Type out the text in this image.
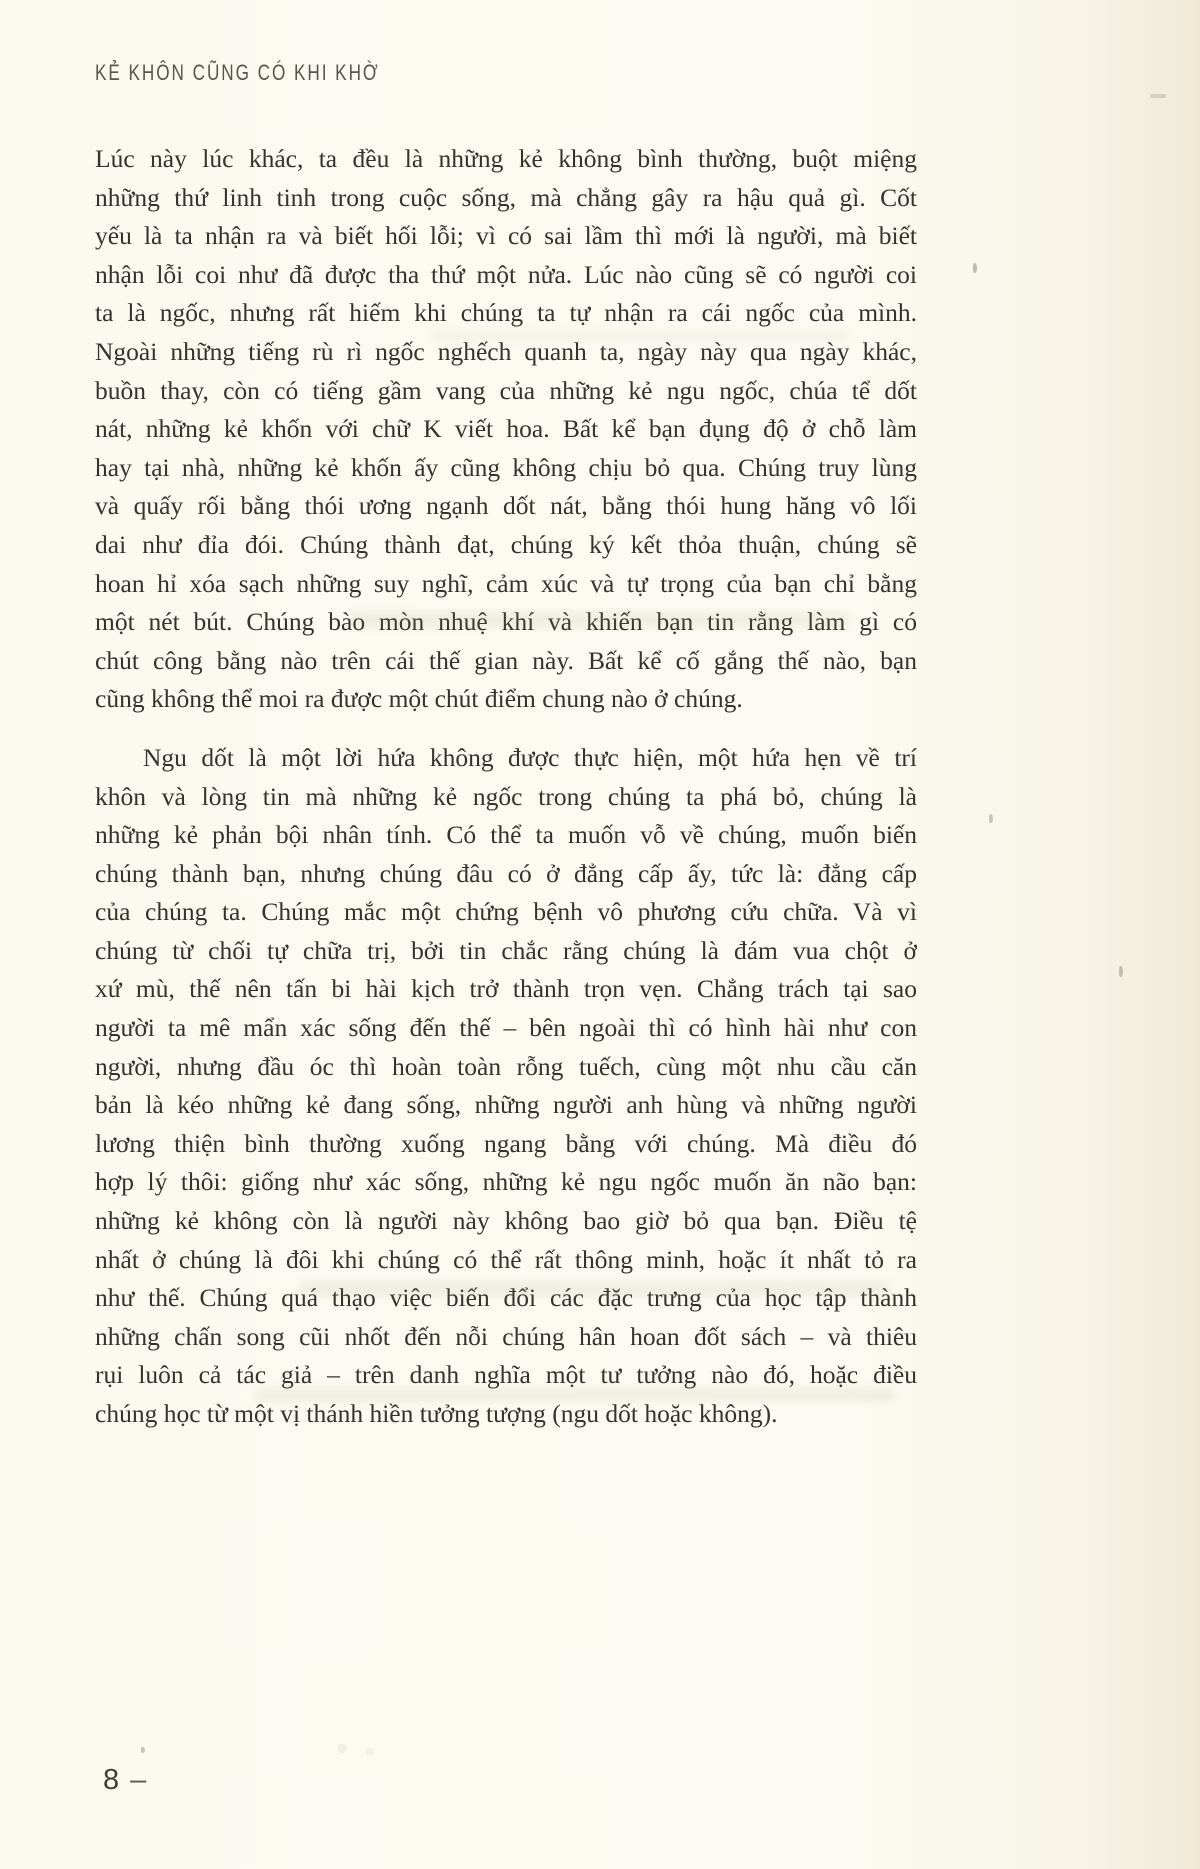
KẺ KHÔN CŨNG CÓ KHI KHỜ
Lúc này lúc khác, ta đều là những kẻ không bình thường, buột miệng
những thứ linh tinh trong cuộc sống, mà chẳng gây ra hậu quả gì. Cốt
yếu là ta nhận ra và biết hối lỗi; vì có sai lầm thì mới là người, mà biết
nhận lỗi coi như đã được tha thứ một nửa. Lúc nào cũng sẽ có người coi
ta là ngốc, nhưng rất hiếm khi chúng ta tự nhận ra cái ngốc của mình.
Ngoài những tiếng rù rì ngốc nghếch quanh ta, ngày này qua ngày khác,
buồn thay, còn có tiếng gầm vang của những kẻ ngu ngốc, chúa tể dốt
nát, những kẻ khốn với chữ K viết hoa. Bất kể bạn đụng độ ở chỗ làm
hay tại nhà, những kẻ khốn ấy cũng không chịu bỏ qua. Chúng truy lùng
và quấy rối bằng thói ương ngạnh dốt nát, bằng thói hung hăng vô lối
dai như đỉa đói. Chúng thành đạt, chúng ký kết thỏa thuận, chúng sẽ
hoan hỉ xóa sạch những suy nghĩ, cảm xúc và tự trọng của bạn chỉ bằng
một nét bút. Chúng bào mòn nhuệ khí và khiến bạn tin rằng làm gì có
chút công bằng nào trên cái thế gian này. Bất kể cố gắng thế nào, bạn
cũng không thể moi ra được một chút điểm chung nào ở chúng.
Ngu dốt là một lời hứa không được thực hiện, một hứa hẹn về trí
khôn và lòng tin mà những kẻ ngốc trong chúng ta phá bỏ, chúng là
những kẻ phản bội nhân tính. Có thể ta muốn vỗ về chúng, muốn biến
chúng thành bạn, nhưng chúng đâu có ở đẳng cấp ấy, tức là: đẳng cấp
của chúng ta. Chúng mắc một chứng bệnh vô phương cứu chữa. Và vì
chúng từ chối tự chữa trị, bởi tin chắc rằng chúng là đám vua chột ở
xứ mù, thế nên tấn bi hài kịch trở thành trọn vẹn. Chẳng trách tại sao
người ta mê mẩn xác sống đến thế – bên ngoài thì có hình hài như con
người, nhưng đầu óc thì hoàn toàn rỗng tuếch, cùng một nhu cầu căn
bản là kéo những kẻ đang sống, những người anh hùng và những người
lương thiện bình thường xuống ngang bằng với chúng. Mà điều đó
hợp lý thôi: giống như xác sống, những kẻ ngu ngốc muốn ăn não bạn:
những kẻ không còn là người này không bao giờ bỏ qua bạn. Điều tệ
nhất ở chúng là đôi khi chúng có thể rất thông minh, hoặc ít nhất tỏ ra
như thế. Chúng quá thạo việc biến đổi các đặc trưng của học tập thành
những chấn song cũi nhốt đến nỗi chúng hân hoan đốt sách – và thiêu
rụi luôn cả tác giả – trên danh nghĩa một tư tưởng nào đó, hoặc điều
chúng học từ một vị thánh hiền tưởng tượng (ngu dốt hoặc không).
8 –
